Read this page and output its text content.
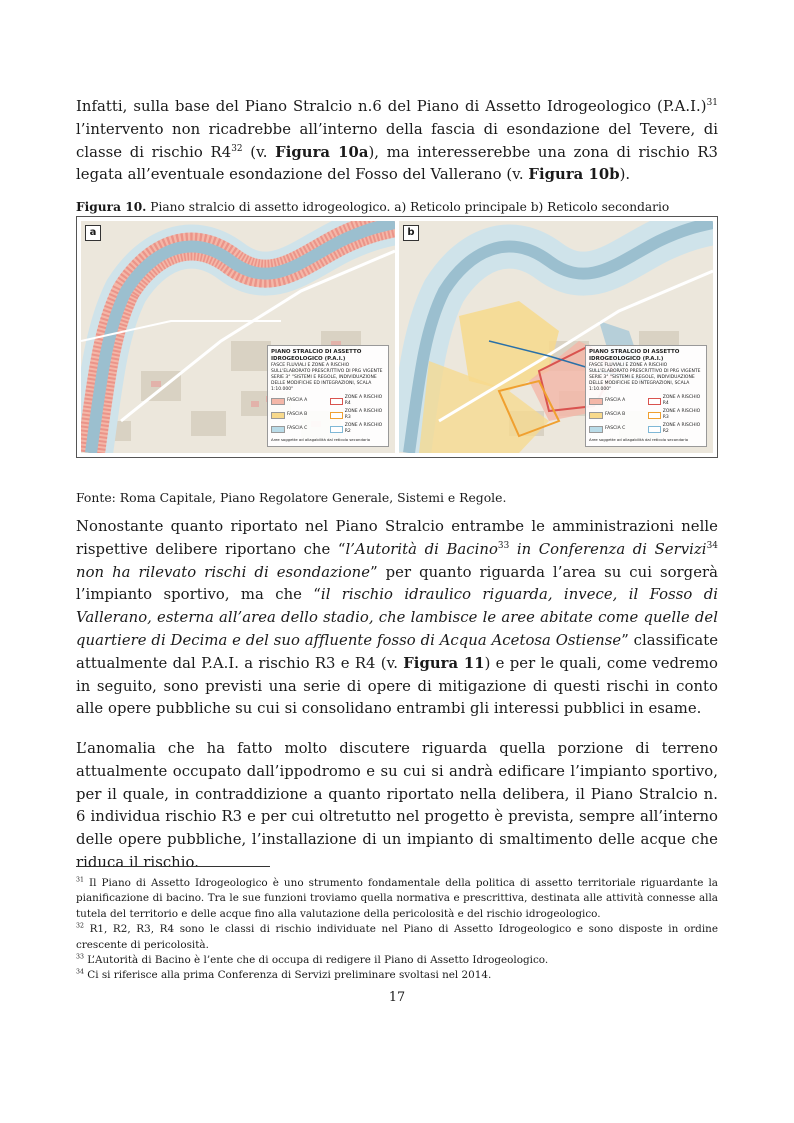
Infatti, sulla base del Piano Stralcio n.6 del Piano di Assetto Idrogeologico $(P.A.I.)^{31}$ l’intervento non ricadrebbe all’interno della fascia di esondazione del Tevere, di classe di rischio $R4^{32}$ (v. Figura 10a), ma interesserebbe una zona di rischio R3 legata all’eventuale esondazione del Fosso del Vallerano (v. Figura 10b).

Figura 10. Piano stralcio di assetto idrogeologico. a) Reticolo principale b) Reticolo secondario
a
PIANO STRALCIO DI ASSETTO IDROGEOLOGICO (P.A.I.)
FASCE FLUVIALI E ZONE A RISCHIO SULL'ELABORATO PRESCRITTIVO DI PRG VIGENTE SERIE 3° "SISTEMI E REGOLE, INDIVIDUAZIONE DELLE MODIFICHE ED INTEGRAZIONI, SCALA 1:10.000"
FASCIA A
ZONE A RISCHIO R4
FASCIA B
ZONE A RISCHIO R3
FASCIA C
ZONE A RISCHIO R2
Aree soggette ad allagabilità dal reticolo secondario
b
PIANO STRALCIO DI ASSETTO IDROGEOLOGICO (P.A.I.)
FASCE FLUVIALI E ZONE A RISCHIO SULL'ELABORATO PRESCRITTIVO DI PRG VIGENTE SERIE 3° "SISTEMI E REGOLE, INDIVIDUAZIONE DELLE MODIFICHE ED INTEGRAZIONI, SCALA 1:10.000"
FASCIA A
ZONE A RISCHIO R4
FASCIA B
ZONE A RISCHIO R3
FASCIA C
ZONE A RISCHIO R2
Aree soggette ad allagabilità dal reticolo secondario
Fonte: Roma Capitale, Piano Regolatore Generale, Sistemi e Regole.

Nonostante quanto riportato nel Piano Stralcio entrambe le amministrazioni nelle rispettive delibere riportano che “l’Autorità di Bacino$^{33}$ in Conferenza di Servizi$^{34}$ non ha rilevato rischi di esondazione” per quanto riguarda l’area su cui sorgerà l’impianto sportivo, ma che “il rischio idraulico riguarda, invece, il Fosso di Vallerano, esterna all’area dello stadio, che lambisce le aree abitate come quelle del quartiere di Decima e del suo affluente fosso di Acqua Acetosa Ostiense” classificate attualmente dal P.A.I. a rischio R3 e R4 (v. Figura 11) e per le quali, come vedremo in seguito, sono previsti una serie di opere di mitigazione di questi rischi in conto alle opere pubbliche su cui si consolidano entrambi gli interessi pubblici in esame.

L’anomalia che ha fatto molto discutere riguarda quella porzione di terreno attualmente occupato dall’ippodromo e su cui si andrà edificare l’impianto sportivo, per il quale, in contraddizione a quanto riportato nella delibera, il Piano Stralcio n. 6 individua rischio R3 e per cui oltretutto nel progetto è prevista, sempre all’interno delle opere pubbliche, l’installazione di un impianto di smaltimento delle acque che riduca il rischio.

$^{31}$ Il Piano di Assetto Idrogeologico è uno strumento fondamentale della politica di assetto territoriale riguardante la pianificazione di bacino. Tra le sue funzioni troviamo quella normativa e prescrittiva, destinata alle attività connesse alla tutela del territorio e delle acque fino alla valutazione della pericolosità e del rischio idrogeologico.
$^{32}$ R1, R2, R3, R4 sono le classi di rischio individuate nel Piano di Assetto Idrogeologico e sono disposte in ordine crescente di pericolosità.
$^{33}$ L’Autorità di Bacino è l’ente che di occupa di redigere il Piano di Assetto Idrogeologico.
$^{34}$ Ci si riferisce alla prima Conferenza di Servizi preliminare svoltasi nel 2014.
17
